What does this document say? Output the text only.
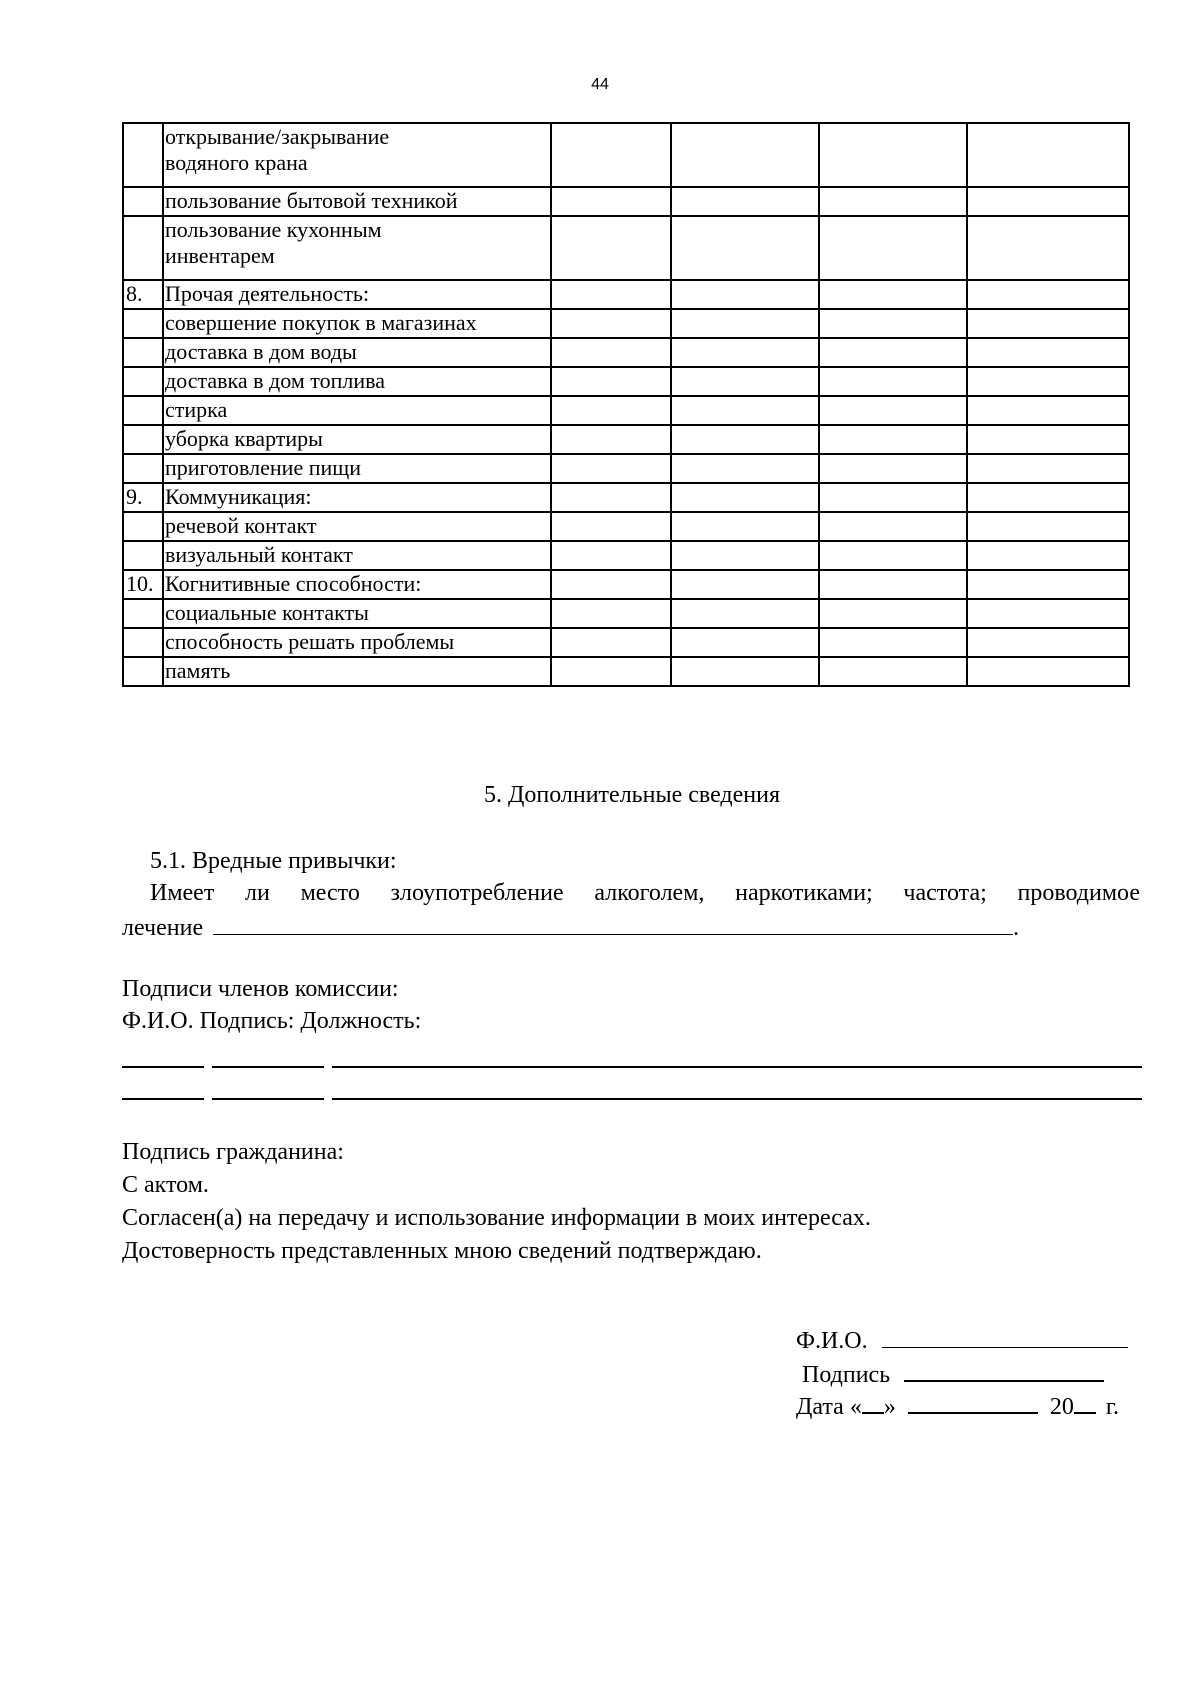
44

	открывание/закрывание
водяного крана				

	пользование бытовой техникой				

	пользование кухонным
инвентарем				

8.	Прочая деятельность:				
	совершение покупок в магазинах				
	доставка в дом воды				
	доставка в дом топлива				
	стирка				
	уборка квартиры				
	приготовление пищи				
9.	Коммуникация:				
	речевой контакт				
	визуальный контакт				
10.	Когнитивные способности:				
	социальные контакты				
	способность решать проблемы				
	память				
5. Дополнительные сведения
5.1. Вредные привычки:
Имеет ли место злоупотребление алкоголем, наркотиками; частота; проводимое
лечение	.
Подписи членов комиссии:
Ф.И.О. Подпись: Должность:
Подпись гражданина:
С актом.
Согласен(а) на передачу и использование информации в моих интересах.
Достоверность представленных мною сведений подтверждаю.
Ф.И.О.
Подпись
Дата « »	20 г.
